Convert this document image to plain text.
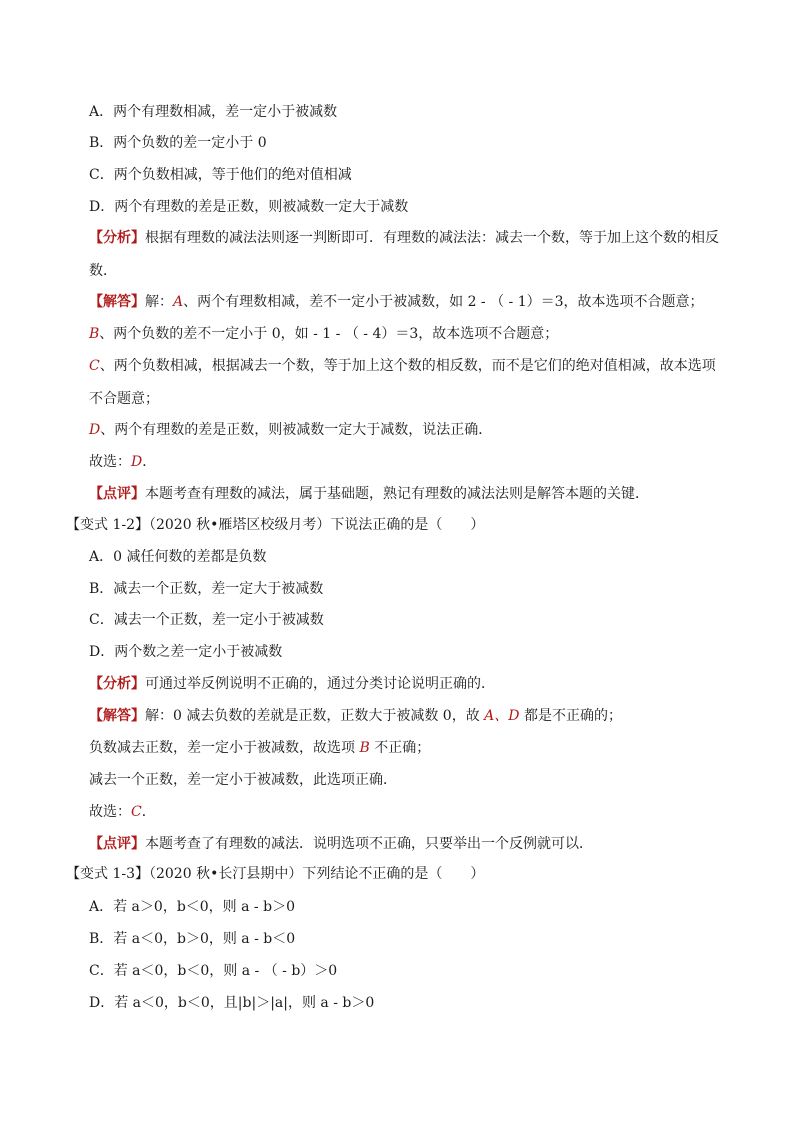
A．两个有理数相减，差一定小于被减数
B．两个负数的差一定小于 0
C．两个负数相减，等于他们的绝对值相减
D．两个有理数的差是正数，则被减数一定大于减数
【分析】根据有理数的减法法则逐一判断即可．有理数的减法法：减去一个数，等于加上这个数的相反
数．
【解答】解：A、两个有理数相减，差不一定小于被减数，如 2 - （ - 1）＝3，故本选项不合题意；
B、两个负数的差不一定小于 0，如 - 1 - （ - 4）＝3，故本选项不合题意；
C、两个负数相减，根据减去一个数，等于加上这个数的相反数，而不是它们的绝对值相减，故本选项
不合题意；
D、两个有理数的差是正数，则被减数一定大于减数，说法正确．
故选：D．
【点评】本题考查有理数的减法，属于基础题，熟记有理数的减法法则是解答本题的关键．
【变式 1-2】（2020 秋•雁塔区校级月考）下说法正确的是（　　）
A．0 减任何数的差都是负数
B．减去一个正数，差一定大于被减数
C．减去一个正数，差一定小于被减数
D．两个数之差一定小于被减数
【分析】可通过举反例说明不正确的，通过分类讨论说明正确的．
【解答】解：0 减去负数的差就是正数，正数大于被减数 0，故 A、D 都是不正确的；
负数减去正数，差一定小于被减数，故选项 B 不正确；
减去一个正数，差一定小于被减数，此选项正确．
故选：C．
【点评】本题考查了有理数的减法．说明选项不正确，只要举出一个反例就可以．
【变式 1-3】（2020 秋•长汀县期中）下列结论不正确的是（　　）
A．若 a＞0，b＜0，则 a - b＞0
B．若 a＜0，b＞0，则 a - b＜0
C．若 a＜0，b＜0，则 a - （ - b）＞0
D．若 a＜0，b＜0，且|b|＞|a|，则 a - b＞0
